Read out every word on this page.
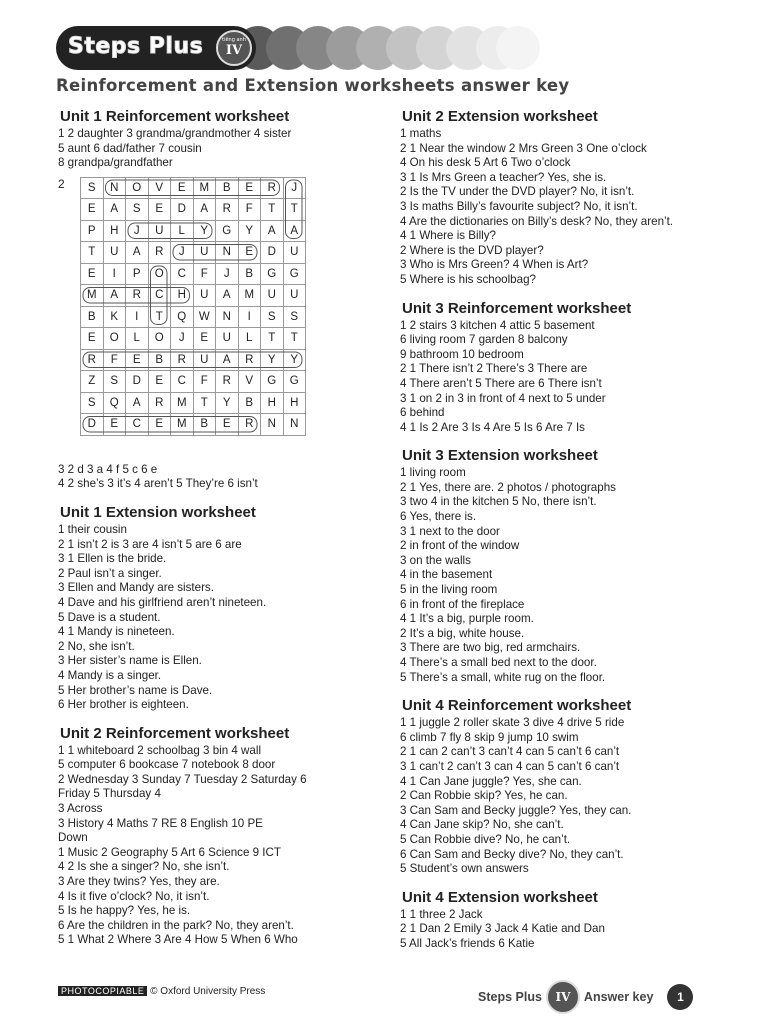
Steps Plus	tiếng anh
IV
Reinforcement and Extension worksheets answer key
Unit 1 Reinforcement worksheet
1 2 daughter 3 grandma/grandmother 4 sister
5 aunt 6 dad/father 7 cousin
8 grandpa/grandfather
2 S	N	O	V	E	M	B	E	R	J
E	A	S	E	D	A	R	F	T	T
P	H	J	U	L	Y	G	Y	A	A
T	U	A	R	J	U	N	E	D	U
E	I	P	O	C	F	J	B	G	G
M	A	R	C	H	U	A	M	U	U
B	K	I	T	Q	W	N	I	S	S
E	O	L	O	J	E	U	L	T	T
R	F	E	B	R	U	A	R	Y	Y
Z	S	D	E	C	F	R	V	G	G
S	Q	A	R	M	T	Y	B	H	H
D	E	C	E	M	B	E	R	N	N
3 2 d 3 a 4 f 5 c 6 e
4 2 she’s 3 it’s 4 aren’t 5 They’re 6 isn’t
Unit 1 Extension worksheet
1 their cousin
2 1 isn’t 2 is 3 are 4 isn’t 5 are 6 are
3 1 Ellen is the bride.
2 Paul isn’t a singer.
3 Ellen and Mandy are sisters.
4 Dave and his girlfriend aren’t nineteen.
5 Dave is a student.
4 1 Mandy is nineteen.
2 No, she isn’t.
3 Her sister’s name is Ellen.
4 Mandy is a singer.
5 Her brother’s name is Dave.
6 Her brother is eighteen.
Unit 2 Reinforcement worksheet
1 1 whiteboard 2 schoolbag 3 bin 4 wall
5 computer 6 bookcase 7 notebook 8 door
2 Wednesday 3 Sunday 7 Tuesday 2 Saturday 6
Friday 5 Thursday 4
3 Across
3 History 4 Maths 7 RE 8 English 10 PE
Down
1 Music 2 Geography 5 Art 6 Science 9 ICT
4 2 Is she a singer? No, she isn’t.
3 Are they twins? Yes, they are.
4 Is it five o’clock? No, it isn’t.
5 Is he happy? Yes, he is.
6 Are the children in the park? No, they aren’t.
5 1 What 2 Where 3 Are 4 How 5 When 6 Who
Unit 2 Extension worksheet
1 maths
2 1 Near the window 2 Mrs Green 3 One o’clock
4 On his desk 5 Art 6 Two o’clock
3 1 Is Mrs Green a teacher? Yes, she is.
2 Is the TV under the DVD player? No, it isn’t.
3 Is maths Billy’s favourite subject? No, it isn’t.
4 Are the dictionaries on Billy’s desk? No, they aren’t.
4 1 Where is Billy?
2 Where is the DVD player?
3 Who is Mrs Green? 4 When is Art?
5 Where is his schoolbag?
Unit 3 Reinforcement worksheet
1 2 stairs 3 kitchen 4 attic 5 basement
6 living room 7 garden 8 balcony
9 bathroom 10 bedroom
2 1 There isn’t 2 There’s 3 There are
4 There aren’t 5 There are 6 There isn’t
3 1 on 2 in 3 in front of 4 next to 5 under
6 behind
4 1 Is 2 Are 3 Is 4 Are 5 Is 6 Are 7 Is
Unit 3 Extension worksheet
1 living room
2 1 Yes, there are. 2 photos / photographs
3 two 4 in the kitchen 5 No, there isn’t.
6 Yes, there is.
3 1 next to the door
2 in front of the window
3 on the walls
4 in the basement
5 in the living room
6 in front of the fireplace
4 1 It’s a big, purple room.
2 It’s a big, white house.
3 There are two big, red armchairs.
4 There’s a small bed next to the door.
5 There’s a small, white rug on the floor.
Unit 4 Reinforcement worksheet
1 1 juggle 2 roller skate 3 dive 4 drive 5 ride
6 climb 7 fly 8 skip 9 jump 10 swim
2 1 can 2 can’t 3 can’t 4 can 5 can’t 6 can’t
3 1 can’t 2 can’t 3 can 4 can 5 can’t 6 can’t
4 1 Can Jane juggle? Yes, she can.
2 Can Robbie skip? Yes, he can.
3 Can Sam and Becky juggle? Yes, they can.
4 Can Jane skip? No, she can’t.
5 Can Robbie dive? No, he can’t.
6 Can Sam and Becky dive? No, they can’t.
5 Student’s own answers
Unit 4 Extension worksheet
1 1 three 2 Jack
2 1 Dan 2 Emily 3 Jack 4 Katie and Dan
5 All Jack’s friends 6 Katie
PHOTOCOPIABLE © Oxford University Press	Steps Plus IV Answer key	1
